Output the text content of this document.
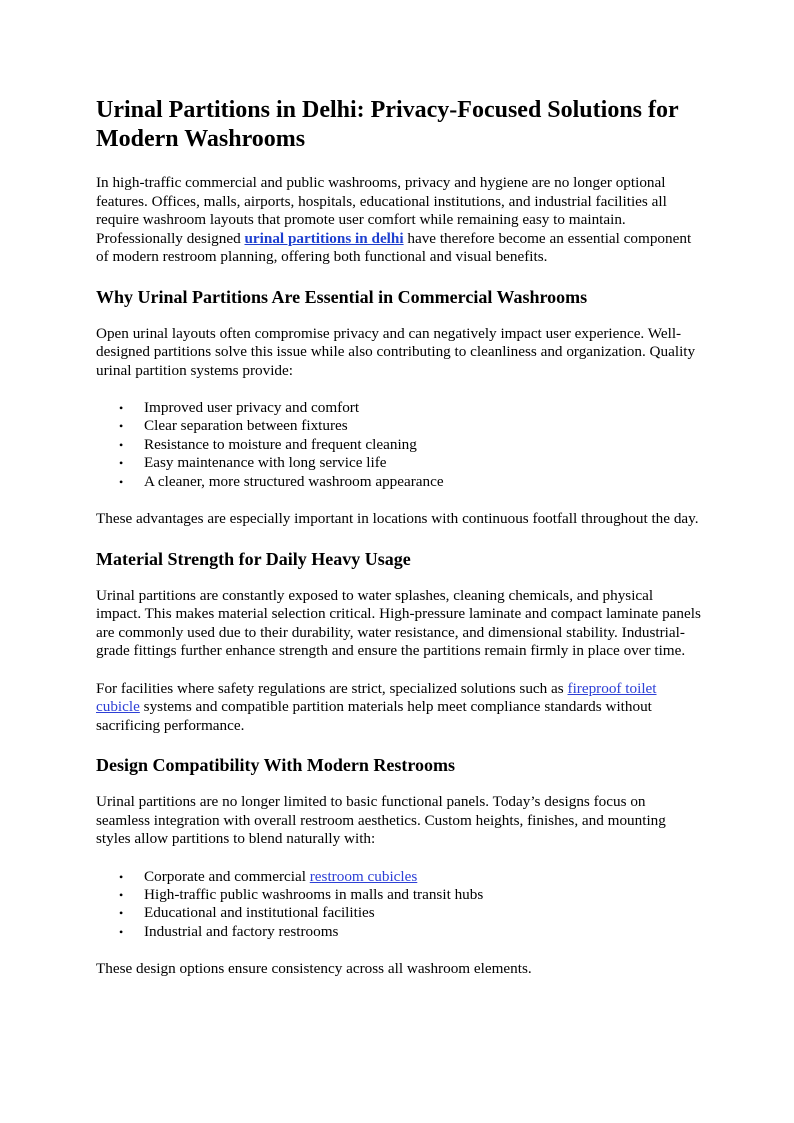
Urinal Partitions in Delhi: Privacy-Focused Solutions for Modern Washrooms

In high-traffic commercial and public washrooms, privacy and hygiene are no longer optional features. Offices, malls, airports, hospitals, educational institutions, and industrial facilities all require washroom layouts that promote user comfort while remaining easy to maintain. Professionally designed urinal partitions in delhi have therefore become an essential component of modern restroom planning, offering both functional and visual benefits.

Why Urinal Partitions Are Essential in Commercial Washrooms

Open urinal layouts often compromise privacy and can negatively impact user experience. Well-designed partitions solve this issue while also contributing to cleanliness and organization. Quality urinal partition systems provide:

• Improved user privacy and comfort
• Clear separation between fixtures
• Resistance to moisture and frequent cleaning
• Easy maintenance with long service life
• A cleaner, more structured washroom appearance

These advantages are especially important in locations with continuous footfall throughout the day.

Material Strength for Daily Heavy Usage

Urinal partitions are constantly exposed to water splashes, cleaning chemicals, and physical impact. This makes material selection critical. High-pressure laminate and compact laminate panels are commonly used due to their durability, water resistance, and dimensional stability. Industrial-grade fittings further enhance strength and ensure the partitions remain firmly in place over time.

For facilities where safety regulations are strict, specialized solutions such as fireproof toilet cubicle systems and compatible partition materials help meet compliance standards without sacrificing performance.

Design Compatibility With Modern Restrooms

Urinal partitions are no longer limited to basic functional panels. Today’s designs focus on seamless integration with overall restroom aesthetics. Custom heights, finishes, and mounting styles allow partitions to blend naturally with:

• Corporate and commercial restroom cubicles
• High-traffic public washrooms in malls and transit hubs
• Educational and institutional facilities
• Industrial and factory restrooms

These design options ensure consistency across all washroom elements.
